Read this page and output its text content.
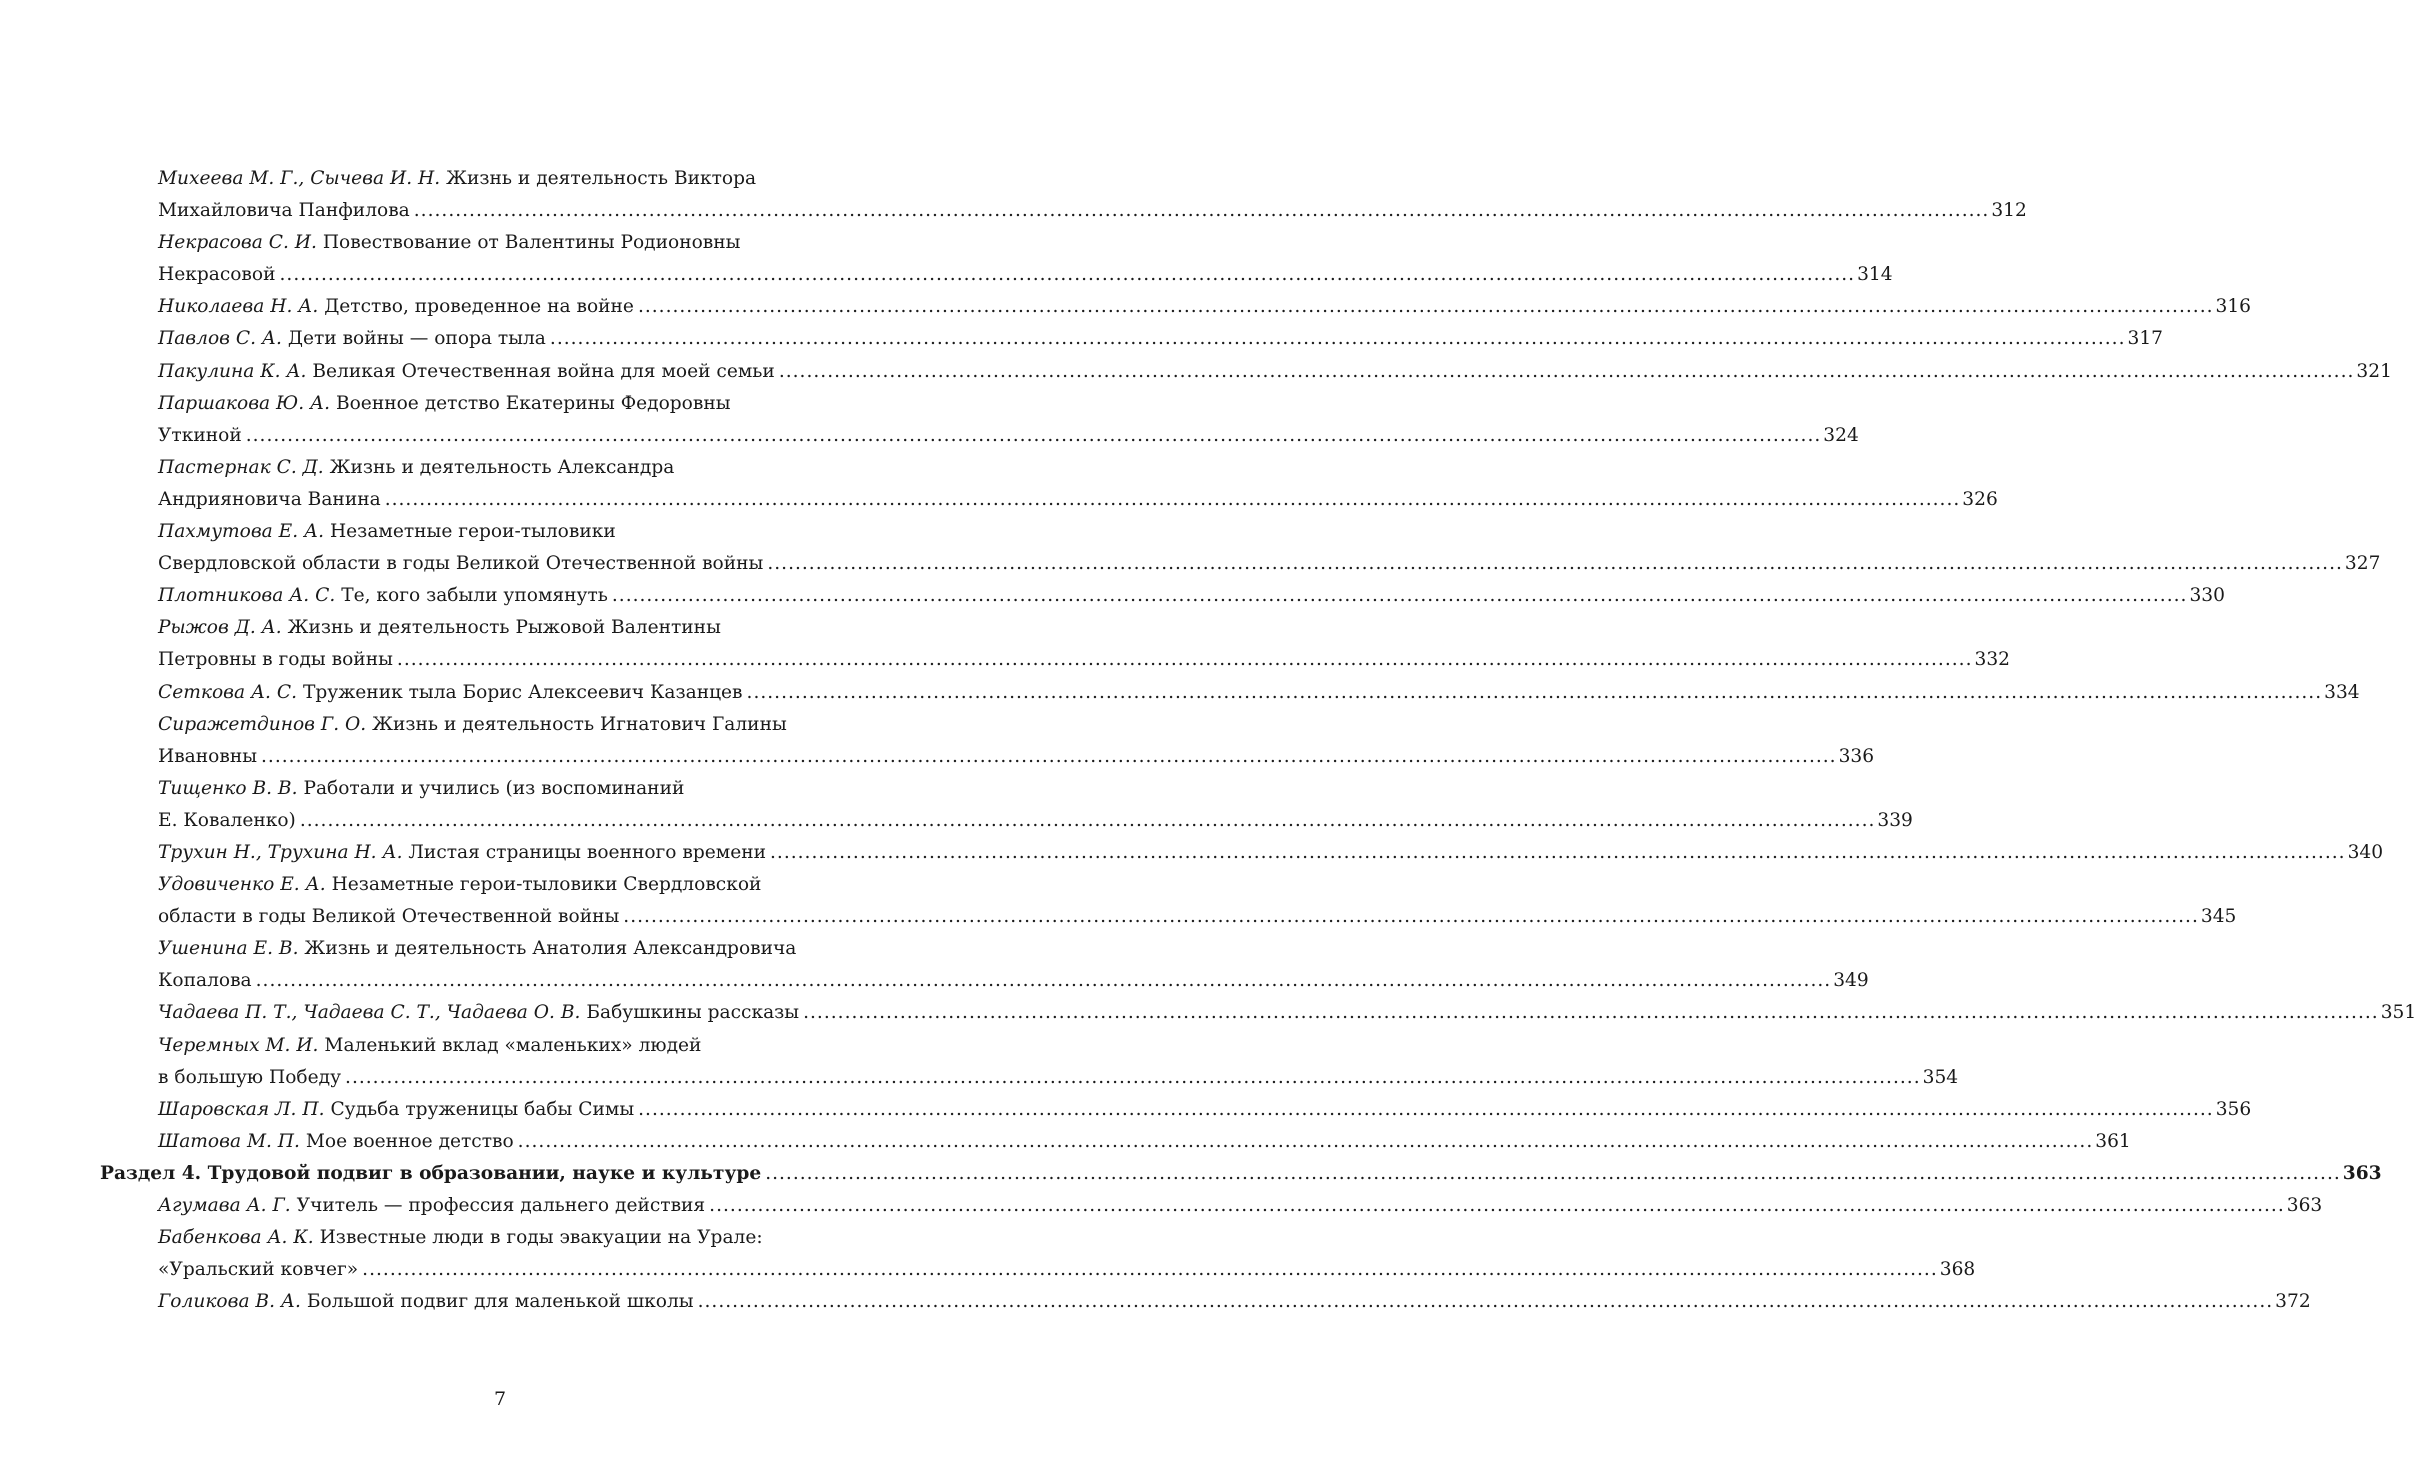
Михеева М. Г., Сычева И. Н. Жизнь и деятельность Виктора
Михайловича Панфилова .....	312
Некрасова С. И. Повествование от Валентины Родионовны
Некрасовой .....	314
Николаева Н. А. Детство, проведенное на войне .....	316
Павлов С. А. Дети войны — опора тыла .....	317
Пакулина К. А. Великая Отечественная война для моей семьи .....	321
Паршакова Ю. А. Военное детство Екатерины Федоровны
Уткиной .....	324
Пастернак С. Д. Жизнь и деятельность Александра
Андрияновича Ванина .....	326
Пахмутова Е. А. Незаметные герои-тыловики
Свердловской области в годы Великой Отечественной войны .....	327
Плотникова А. С. Те, кого забыли упомянуть .....	330
Рыжов Д. А. Жизнь и деятельность Рыжовой Валентины
Петровны в годы войны .....	332
Сеткова А. С. Труженик тыла Борис Алексеевич Казанцев .....	334
Сиражетдинов Г. О. Жизнь и деятельность Игнатович Галины
Ивановны .....	336
Тищенко В. В. Работали и учились (из воспоминаний
Е. Коваленко) .....	339
Трухин Н., Трухина Н. А. Листая страницы военного времени .....	340
Удовиченко Е. А. Незаметные герои-тыловики Свердловской
области в годы Великой Отечественной войны .....	345
Ушенина Е. В. Жизнь и деятельность Анатолия Александровича
Копалова .....	349
Чадаева П. Т., Чадаева С. Т., Чадаева О. В. Бабушкины рассказы .....	351
Черемных М. И. Маленький вклад «маленьких» людей
в большую Победу .....	354
Шаровская Л. П. Судьба труженицы бабы Симы .....	356
Шатова М. П. Мое военное детство .....	361
Раздел 4. Трудовой подвиг в образовании, науке и культуре .....	363
Агумава А. Г. Учитель — профессия дальнего действия .....	363
Бабенкова А. К. Известные люди в годы эвакуации на Урале:
«Уральский ковчег» .....	368
Голикова В. А. Большой подвиг для маленькой школы .....	372
7
